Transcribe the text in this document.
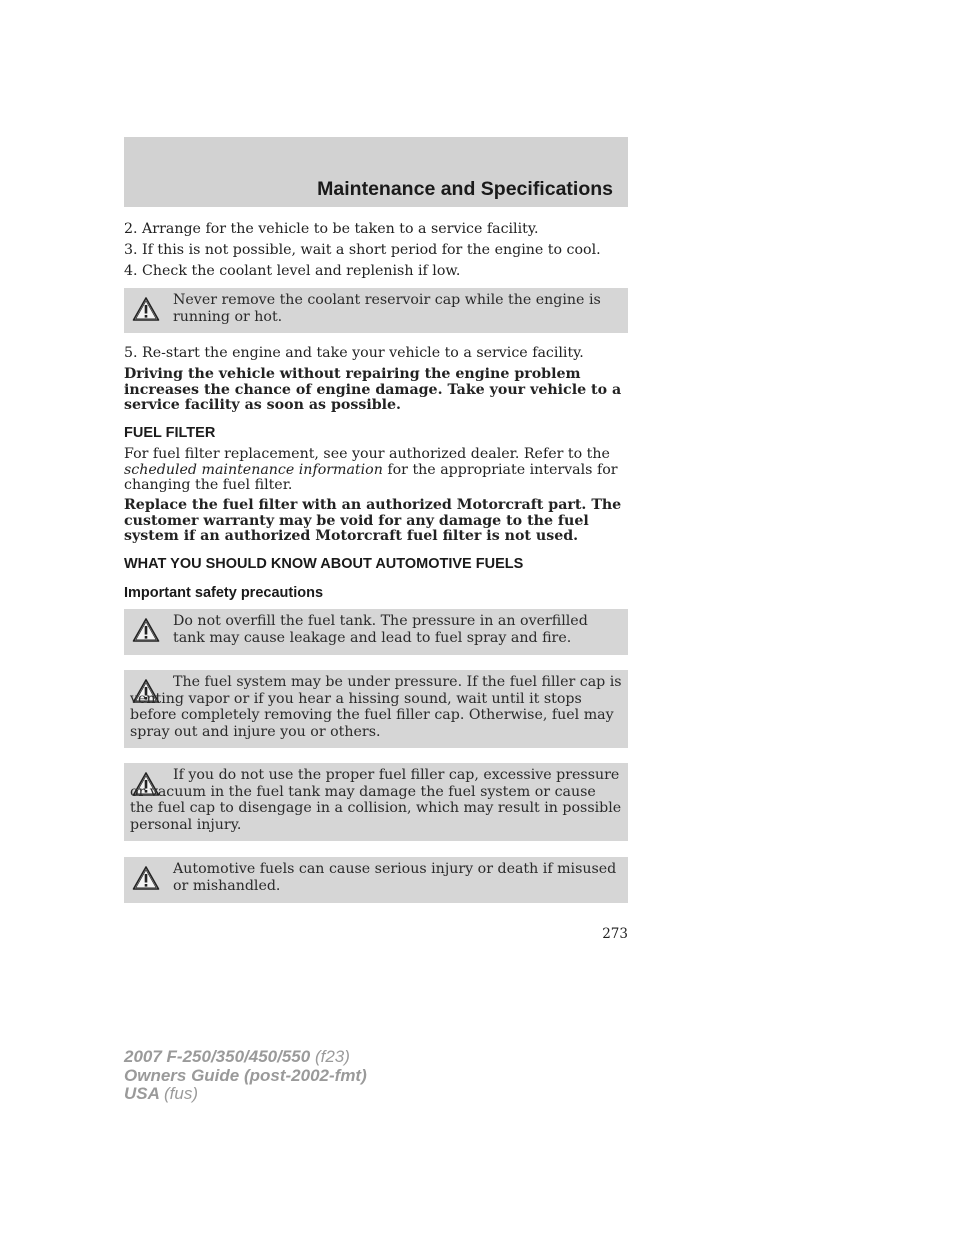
Maintenance and Specifications
2. Arrange for the vehicle to be taken to a service facility.
3. If this is not possible, wait a short period for the engine to cool.
4. Check the coolant level and replenish if low.
Never remove the coolant reservoir cap while the engine is running or hot.
5. Re-start the engine and take your vehicle to a service facility.
Driving the vehicle without repairing the engine problem increases the chance of engine damage. Take your vehicle to a service facility as soon as possible.
FUEL FILTER
For fuel filter replacement, see your authorized dealer. Refer to the scheduled maintenance information for the appropriate intervals for changing the fuel filter.
Replace the fuel filter with an authorized Motorcraft part. The customer warranty may be void for any damage to the fuel system if an authorized Motorcraft fuel filter is not used.
WHAT YOU SHOULD KNOW ABOUT AUTOMOTIVE FUELS
Important safety precautions
Do not overfill the fuel tank. The pressure in an overfilled tank may cause leakage and lead to fuel spray and fire.
The fuel system may be under pressure. If the fuel filler cap is venting vapor or if you hear a hissing sound, wait until it stops before completely removing the fuel filler cap. Otherwise, fuel may spray out and injure you or others.
If you do not use the proper fuel filler cap, excessive pressure or vacuum in the fuel tank may damage the fuel system or cause the fuel cap to disengage in a collision, which may result in possible personal injury.
Automotive fuels can cause serious injury or death if misused or mishandled.
273
2007 F-250/350/450/550 (f23)
Owners Guide (post-2002-fmt)
USA (fus)
